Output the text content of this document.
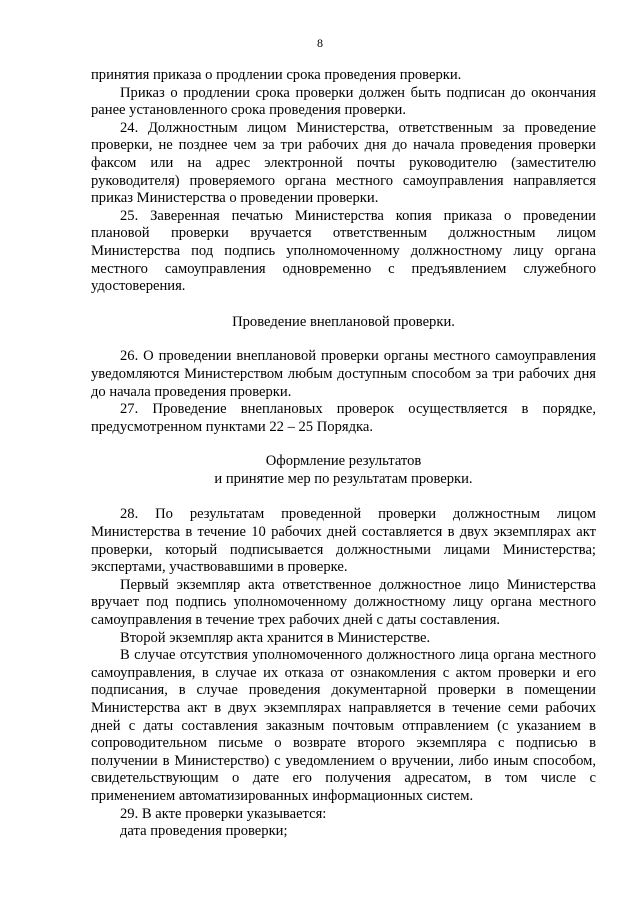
8

принятия приказа о продлении срока проведения проверки.

Приказ о продлении срока проверки должен быть подписан до окончания ранее установленного срока проведения проверки.

24. Должностным лицом Министерства, ответственным за проведение проверки, не позднее чем за три рабочих дня до начала проведения проверки факсом или на адрес электронной почты руководителю (заместителю руководителя) проверяемого органа местного самоуправления направляется приказ Министерства о проведении проверки.

25. Заверенная печатью Министерства копия приказа о проведении плановой проверки вручается ответственным должностным лицом Министерства под подпись уполномоченному должностному лицу органа местного самоуправления одновременно с предъявлением служебного удостоверения.

Проведение внеплановой проверки.

26. О проведении внеплановой проверки органы местного самоуправления уведомляются Министерством любым доступным способом за три рабочих дня до начала проведения проверки.

27. Проведение внеплановых проверок осуществляется в порядке, предусмотренном пунктами 22 – 25 Порядка.

Оформление результатов

и принятие мер по результатам проверки.

28. По результатам проведенной проверки должностным лицом Министерства в течение 10 рабочих дней составляется в двух экземплярах акт проверки, который подписывается должностными лицами Министерства; экспертами, участвовавшими в проверке.

Первый экземпляр акта ответственное должностное лицо Министерства вручает под подпись уполномоченному должностному лицу органа местного самоуправления в течение трех рабочих дней с даты составления.

Второй экземпляр акта хранится в Министерстве.

В случае отсутствия уполномоченного должностного лица органа местного самоуправления, в случае их отказа от ознакомления с актом проверки и его подписания, в случае проведения документарной проверки в помещении Министерства акт в двух экземплярах направляется в течение семи рабочих дней с даты составления заказным почтовым отправлением (с указанием в сопроводительном письме о возврате второго экземпляра с подписью в получении в Министерство) с уведомлением о вручении, либо иным способом, свидетельствующим о дате его получения адресатом, в том числе с применением автоматизированных информационных систем.

29. В акте проверки указывается:

дата проведения проверки;
